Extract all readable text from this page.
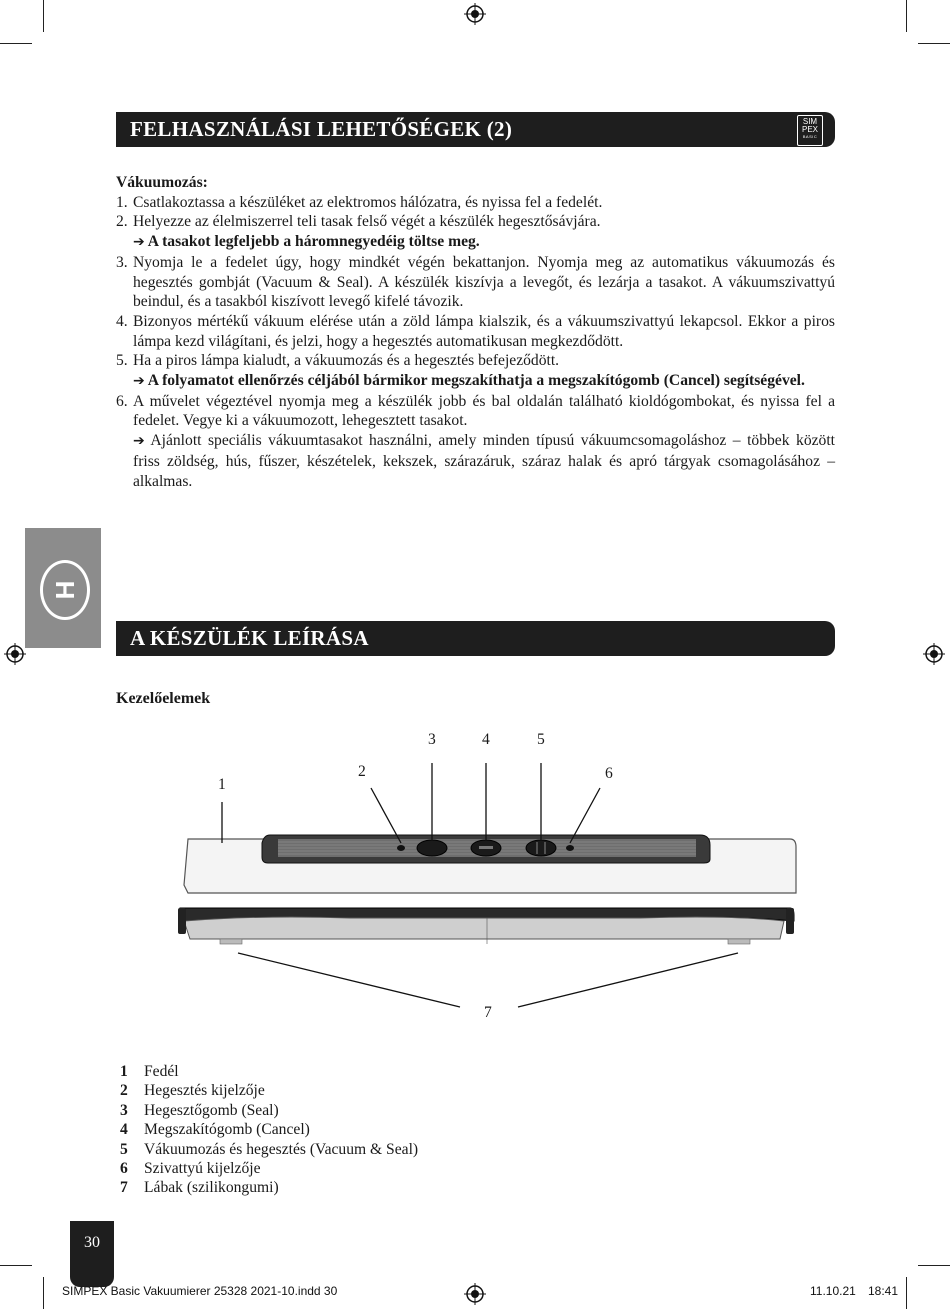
FELHASZNÁLÁSI LEHETŐSÉGEK (2)	SIM
PEX
BASIC
Vákuumozás:
1. Csatlakoztassa a készüléket az elektromos hálózatra, és nyissa fel a fedelét.
2. Helyezze az élelmiszerrel teli tasak felső végét a készülék hegesztősávjára.
➔ A tasakot legfeljebb a háromnegyedéig töltse meg.
3. Nyomja le a fedelet úgy, hogy mindkét végén bekattanjon. Nyomja meg az automatikus vákuumozás és hegesztés gombját (Vacuum & Seal). A készülék kiszívja a levegőt, és lezárja a tasakot. A vákuumszivattyú beindul, és a tasakból kiszívott levegő kifelé távozik.
4. Bizonyos mértékű vákuum elérése után a zöld lámpa kialszik, és a vákuumszivattyú lekapcsol. Ekkor a piros lámpa kezd világítani, és jelzi, hogy a hegesztés automatikusan megkezdődött.
5. Ha a piros lámpa kialudt, a vákuumozás és a hegesztés befejeződött.
➔ A folyamatot ellenőrzés céljából bármikor megszakíthatja a megszakítógomb (Cancel) segítségével.
6. A művelet végeztével nyomja meg a készülék jobb és bal oldalán található kioldógombokat, és nyissa fel a fedelet. Vegye ki a vákuumozott, lehegesztett tasakot.
➔ Ajánlott speciális vákuumtasakot használni, amely minden típusú vákuumcsomagoláshoz – többek között friss zöldség, hús, fűszer, készételek, kekszek, szárazáruk, száraz halak és apró tárgyak csomagolásához – alkalmas.
H
A KÉSZÜLÉK LEÍRÁSA
Kezelőelemek
1
2
3	4	5
6
7
1	Fedél
2	Hegesztés kijelzője
3	Hegesztőgomb (Seal)
4	Megszakítógomb (Cancel)
5	Vákuumozás és hegesztés (Vacuum & Seal)
6	Szivattyú kijelzője
7	Lábak (szilikongumi)
30
SIMPEX Basic Vakuumierer 25328 2021-10.indd 30	11.10.21 18:41
